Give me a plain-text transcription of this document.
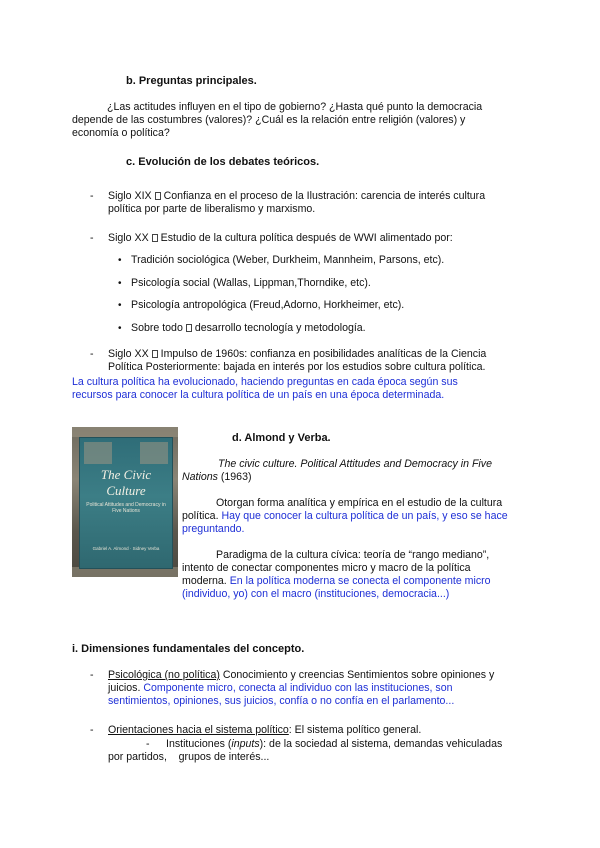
b. Preguntas principales.
¿Las actitudes influyen en el tipo de gobierno? ¿Hasta qué punto la democracia
depende de las costumbres (valores)? ¿Cuál es la relación entre religión (valores) y
economía o política?
c. Evolución de los debates teóricos.
-	Siglo XIX Confianza en el proceso de la Ilustración: carencia de interés cultura
política por parte de liberalismo y marxismo.
-	Siglo XX Estudio de la cultura política después de WWI alimentado por:
• Tradición sociológica (Weber, Durkheim, Mannheim, Parsons, etc).
• Psicología social (Wallas, Lippman,Thorndike, etc).
• Psicología antropológica (Freud,Adorno, Horkheimer, etc).
• Sobre todo desarrollo tecnología y metodología.
-	Siglo XX Impulso de 1960s: confianza en posibilidades analíticas de la Ciencia
Política Posteriormente: bajada en interés por los estudios sobre cultura política.
La cultura política ha evolucionado, haciendo preguntas en cada época según sus
recursos para conocer la cultura política de un país en una época determinada.
The Civic
Culture
Political Attitudes and Democracy in Five Nations
Gabriel A. Almond · Sidney Verba
d. Almond y Verba.
The civic culture. Political Attitudes and Democracy in Five
Nations (1963)
Otorgan forma analítica y empírica en el estudio de la cultura
política. Hay que conocer la cultura política de un país, y eso se hace
preguntando.
Paradigma de la cultura cívica: teoría de “rango mediano”,
intento de conectar componentes micro y macro de la política
moderna. En la política moderna se conecta el componente micro
(individuo, yo) con el macro (instituciones, democracia...)
i. Dimensiones fundamentales del concepto.
-	Psicológica (no política) Conocimiento y creencias Sentimientos sobre opiniones y
juicios. Componente micro, conecta al individuo con las instituciones, son
sentimientos, opiniones, sus juicios, confía o no confía en el parlamento...
-	Orientaciones hacia el sistema político: El sistema político general.
-	Instituciones (inputs): de la sociedad al sistema, demandas vehiculadas
por partidos,    grupos de interés...
